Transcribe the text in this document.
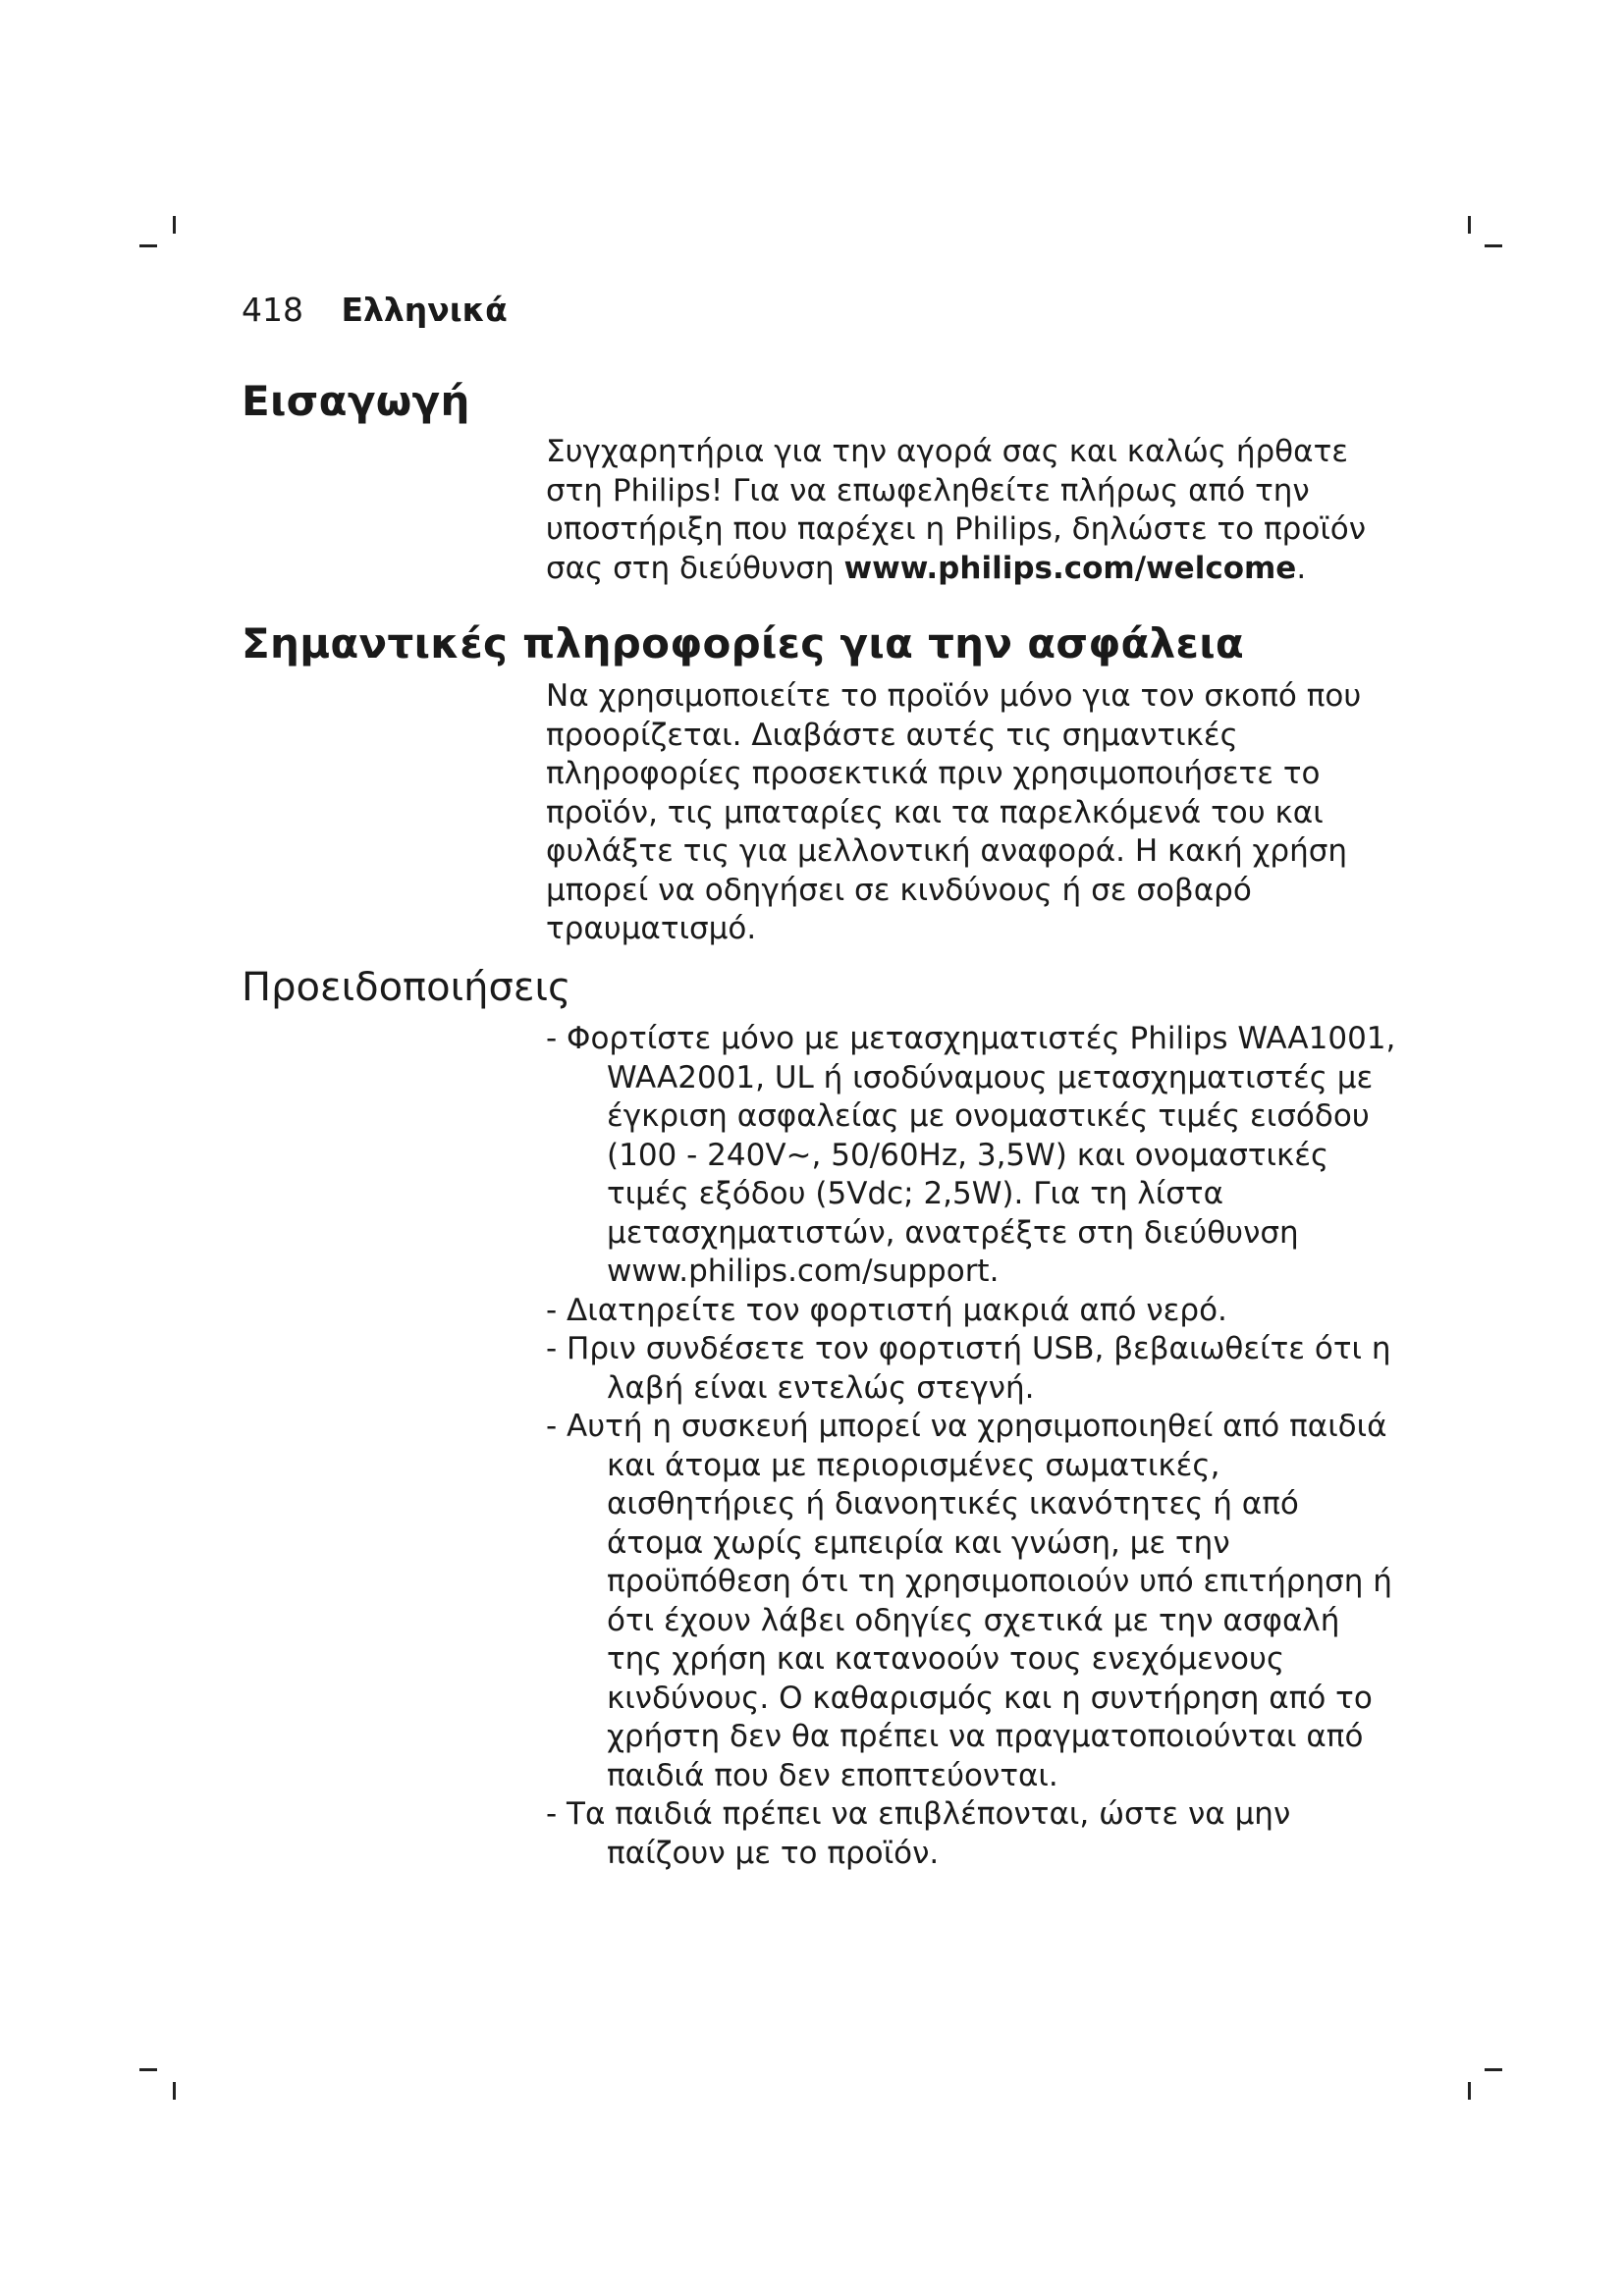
418 Ελληνικά
Εισαγωγή

Συγχαρητήρια για την αγορά σας και καλώς ήρθατε στη Philips! Για να επωφεληθείτε πλήρως από την υποστήριξη που παρέχει η Philips, δηλώστε το προϊόν σας στη διεύθυνση www.philips.com/welcome.

Σημαντικές πληροφορίες για την ασφάλεια

Να χρησιμοποιείτε το προϊόν μόνο για τον σκοπό που προορίζεται. Διαβάστε αυτές τις σημαντικές πληροφορίες προσεκτικά πριν χρησιμοποιήσετε το προϊόν, τις μπαταρίες και τα παρελκόμενά του και φυλάξτε τις για μελλοντική αναφορά. Η κακή χρήση μπορεί να οδηγήσει σε κινδύνους ή σε σοβαρό τραυματισμό.

Προειδοποιήσεις
- Φορτίστε μόνο με μετασχηματιστές Philips WAA1001, WAA2001, UL ή ισοδύναμους μετασχηματιστές με έγκριση ασφαλείας με ονομαστικές τιμές εισόδου (100 - 240V~, 50/60Hz, 3,5W) και ονομαστικές τιμές εξόδου (5Vdc; 2,5W). Για τη λίστα μετασχηματιστών, ανατρέξτε στη διεύθυνση www.philips.com/support.
- Διατηρείτε τον φορτιστή μακριά από νερό.
- Πριν συνδέσετε τον φορτιστή USB, βεβαιωθείτε ότι η λαβή είναι εντελώς στεγνή.
- Αυτή η συσκευή μπορεί να χρησιμοποιηθεί από παιδιά και άτομα με περιορισμένες σωματικές, αισθητήριες ή διανοητικές ικανότητες ή από άτομα χωρίς εμπειρία και γνώση, με την προϋπόθεση ότι τη χρησιμοποιούν υπό επιτήρηση ή ότι έχουν λάβει οδηγίες σχετικά με την ασφαλή της χρήση και κατανοούν τους ενεχόμενους κινδύνους. Ο καθαρισμός και η συντήρηση από το χρήστη δεν θα πρέπει να πραγματοποιούνται από παιδιά που δεν εποπτεύονται.
- Τα παιδιά πρέπει να επιβλέπονται, ώστε να μην παίζουν με το προϊόν.
